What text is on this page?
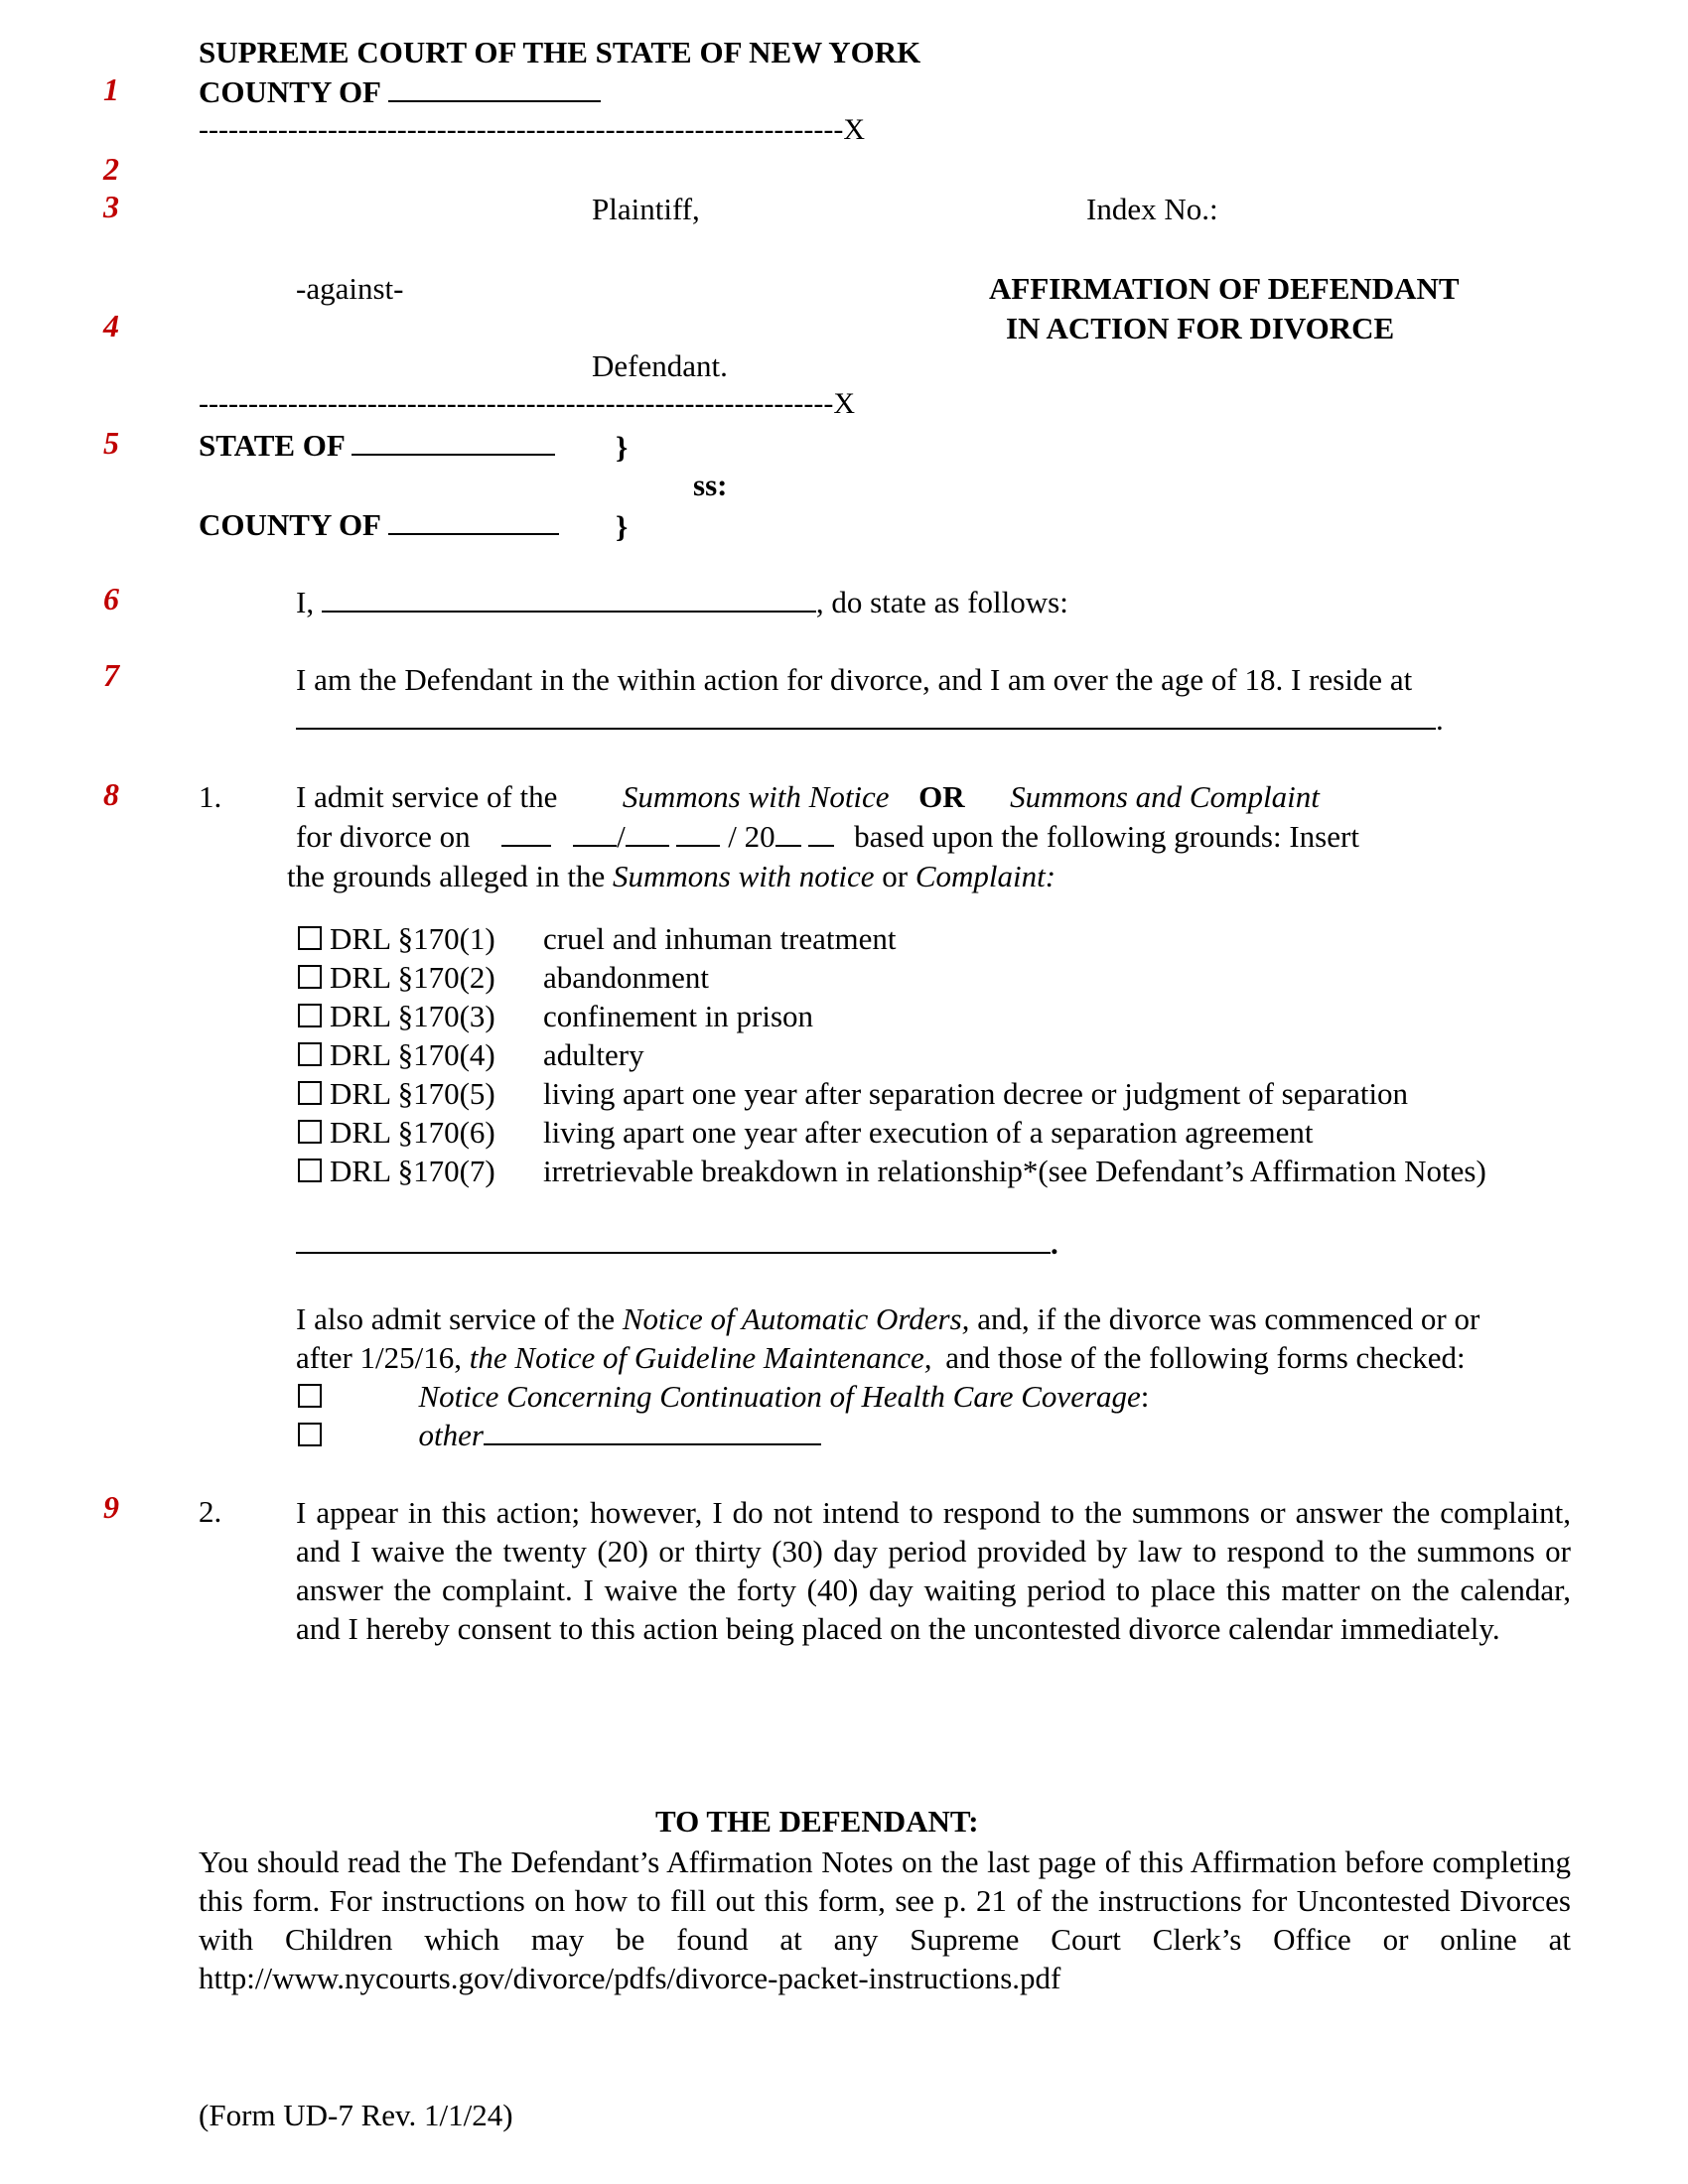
1
2
3
4
5
6
7
8
9
SUPREME COURT OF THE STATE OF NEW YORK
COUNTY OF
-----------------------------------------------------------------X
Plaintiff,	Index No.:
-against-	AFFIRMATION OF DEFENDANT
IN ACTION FOR DIVORCE
Defendant.
----------------------------------------------------------------X
STATE OF	}
ss:
COUNTY OF	}
I,	, do state as follows:
I am the Defendant in the within action for divorce, and I am over the age of 18. I reside at
.
1. I admit service of the Summons with Notice OR Summons and Complaint
for divorce on	/	/ 20	based upon the following grounds: Insert
the grounds alleged in the Summons with notice or Complaint:
DRL §170(1) cruel and inhuman treatment
DRL §170(2) abandonment
DRL §170(3) confinement in prison
DRL §170(4) adultery
DRL §170(5) living apart one year after separation decree or judgment of separation
DRL §170(6) living apart one year after execution of a separation agreement
DRL §170(7) irretrievable breakdown in relationship*(see Defendant’s Affirmation Notes)
.
I also admit service of the Notice of Automatic Orders, and, if the divorce was commenced or or
after 1/25/16, the Notice of Guideline Maintenance, and those of the following forms checked:
Notice Concerning Continuation of Health Care Coverage:
other
2. I appear in this action; however, I do not intend to respond to the summons or answer the complaint, and I waive the twenty (20) or thirty (30) day period provided by law to respond to the summons or answer the complaint. I waive the forty (40) day waiting period to place this matter on the calendar, and I hereby consent to this action being placed on the uncontested divorce calendar immediately.
TO THE DEFENDANT:
You should read the The Defendant’s Affirmation Notes on the last page of this Affirmation before completing this form. For instructions on how to fill out this form, see p. 21 of the instructions for Uncontested Divorces with Children which may be found at any Supreme Court Clerk’s Office or online at http://www.nycourts.gov/divorce/pdfs/divorce-packet-instructions.pdf
(Form UD-7 Rev. 1/1/24)
